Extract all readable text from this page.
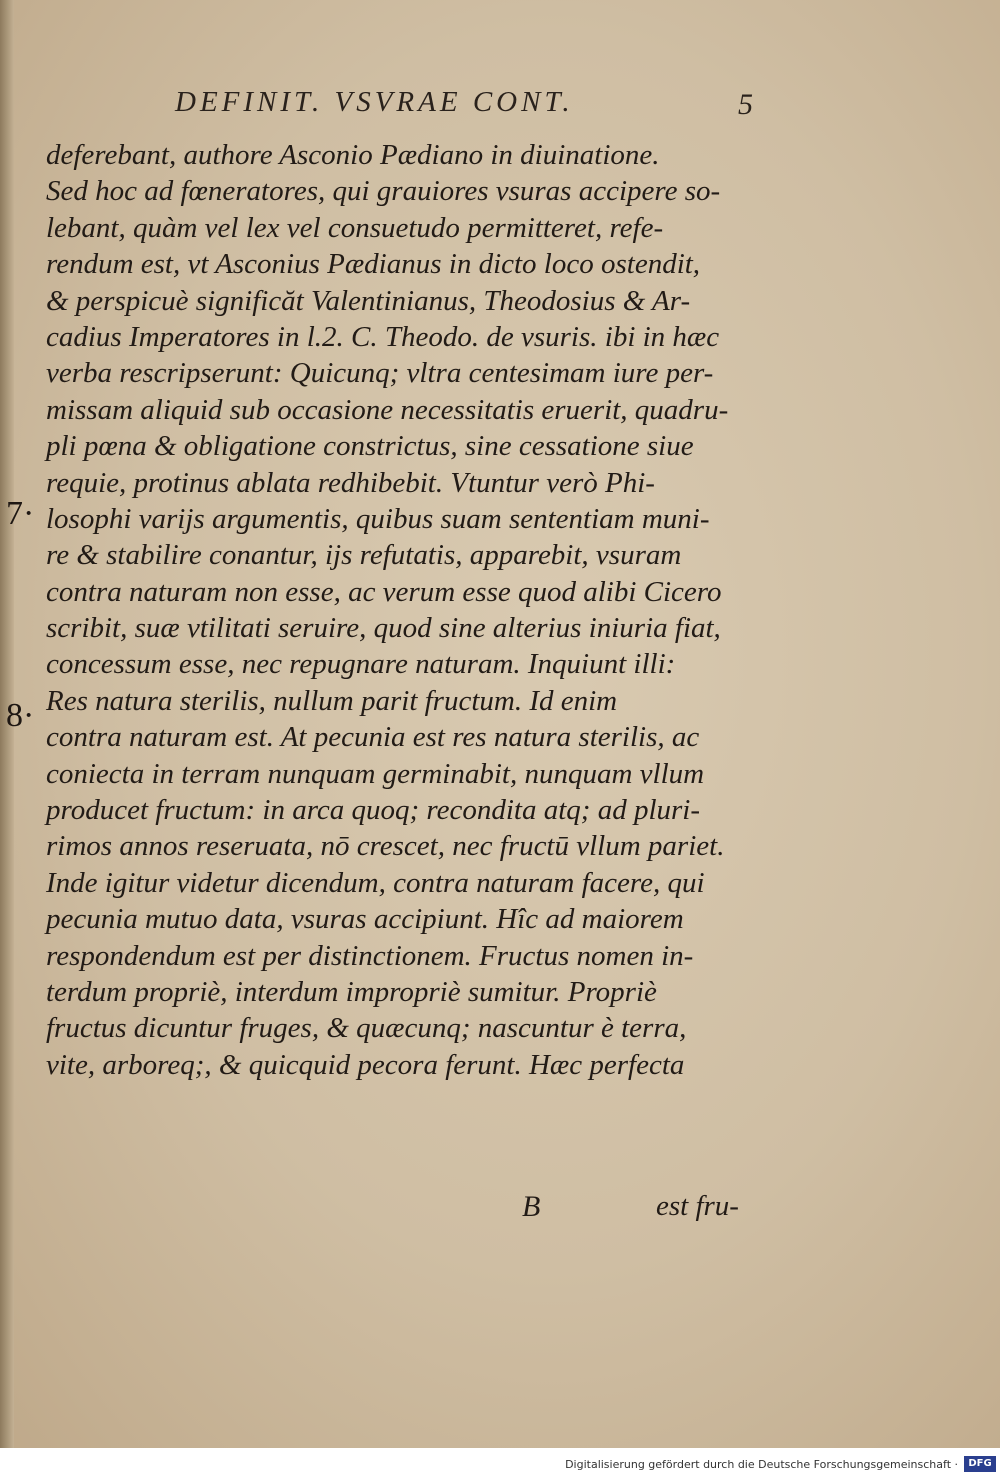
DEFINIT. VSVRAE CONT.	5
7·
8·
deferebant, authore Asconio Pædiano in diuinatione.
Sed hoc ad fœneratores, qui grauiores vsuras accipere so-
lebant, quàm vel lex vel consuetudo permitteret, refe-
rendum est, vt Asconius Pædianus in dicto loco ostendit,
& perspicuè significăt Valentinianus, Theodosius & Ar-
cadius Imperatores in l.2. C. Theodo. de vsuris. ibi in hæc
verba rescripserunt: Quicunq; vltra centesimam iure per-
missam aliquid sub occasione necessitatis eruerit, quadru-
pli pœna & obligatione constrictus, sine cessatione siue
requie, protinus ablata redhibebit. Vtuntur verò Phi-
losophi varijs argumentis, quibus suam sententiam muni-
re & stabilire conantur, ijs refutatis, apparebit, vsuram
contra naturam non esse, ac verum esse quod alibi Cicero
scribit, suæ vtilitati seruire, quod sine alterius iniuria fiat,
concessum esse, nec repugnare naturam. Inquiunt illi:
Res natura sterilis, nullum parit fructum. Id enim
contra naturam est. At pecunia est res natura sterilis, ac
coniecta in terram nunquam germinabit, nunquam vllum
producet fructum: in arca quoq; recondita atq; ad pluri-
rimos annos reseruata, nō crescet, nec fructū vllum pariet.
Inde igitur videtur dicendum, contra naturam facere, qui
pecunia mutuo data, vsuras accipiunt. Hîc ad maiorem
respondendum est per distinctionem. Fructus nomen in-
terdum propriè, interdum impropriè sumitur. Propriè
fructus dicuntur fruges, & quæcunq; nascuntur è terra,
vite, arboreq;, & quicquid pecora ferunt. Hæc perfecta
B	est fru-
Digitalisierung gefördert durch die Deutsche Forschungsgemeinschaft ·	DFG
